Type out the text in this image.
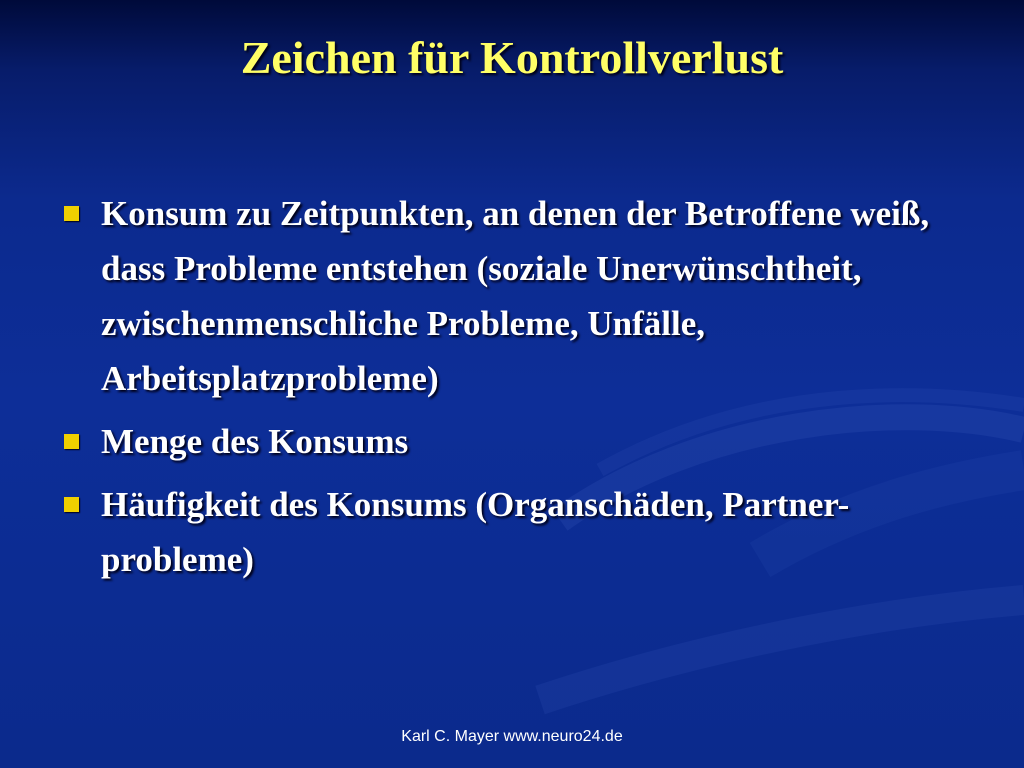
Zeichen für Kontrollverlust
Konsum zu Zeitpunkten, an denen der Betroffene weiß, dass Probleme entstehen (soziale Unerwünschtheit, zwischenmenschliche Probleme, Unfälle, Arbeitsplatzprobleme)
Menge des Konsums
Häufigkeit des Konsums (Organschäden, Partner-probleme)
Karl C. Mayer www.neuro24.de
